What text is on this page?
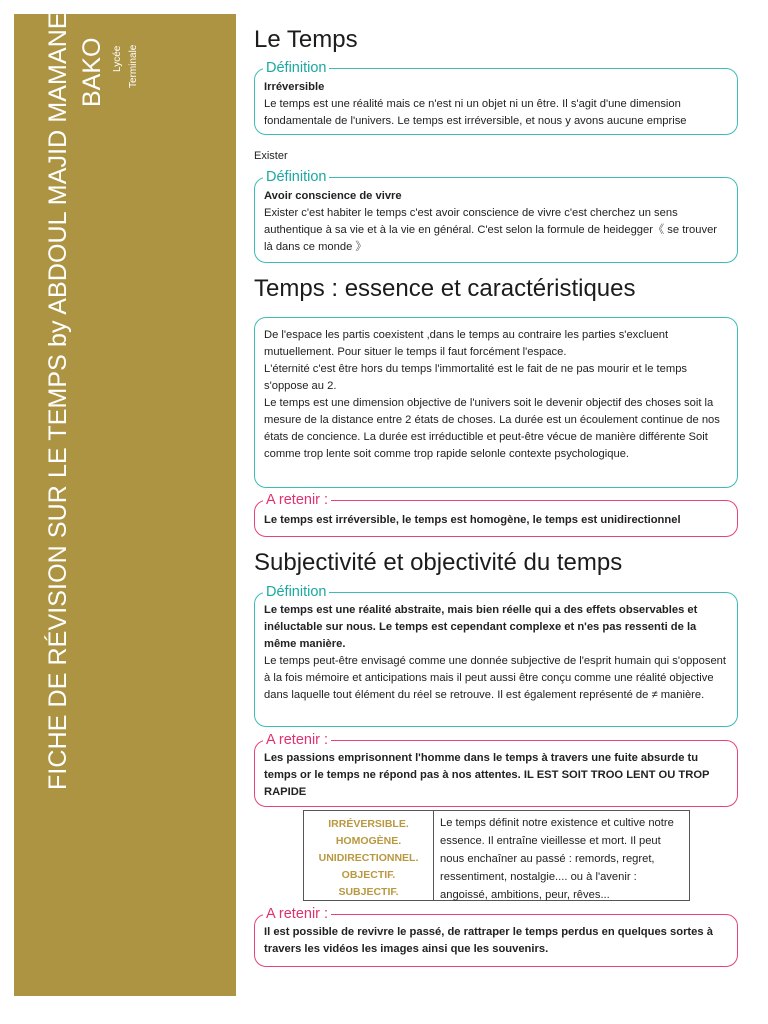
FICHE DE RÉVISION SUR LE TEMPS by ABDOUL MAJID MAMANE BAKO Lycée Terminale
Le Temps
Définition

Irréversible

Le temps est une réalité mais ce n'est ni un objet ni un être. Il s'agit d'une dimension fondamentale de l'univers. Le temps est irréversible, et nous y avons aucune emprise

Exister
Définition

Avoir conscience de vivre

Exister c'est habiter le temps c'est avoir conscience de vivre c'est cherchez un sens authentique à sa vie et à la vie en général. C'est selon la formule de heidegger《 se trouver là dans ce monde 》

Temps : essence et caractéristiques

De l'espace les partis coexistent ,dans le temps au contraire les parties s'excluent mutuellement. Pour situer le temps il faut forcément l'espace.

L'éternité c'est être hors du temps l'immortalité est le fait de ne pas mourir et le temps s'oppose au 2.

Le temps est une dimension objective de l'univers soit le devenir objectif des choses soit la mesure de la distance entre 2 états de choses. La durée est un écoulement continue de nos états de concience. La durée est irréductible et peut-être vécue de manière différente Soit comme trop lente soit comme trop rapide selonle contexte psychologique.

A retenir :

Le temps est irréversible, le temps est homogène, le temps est unidirectionnel

Subjectivité et objectivité du temps
Définition

Le temps est une réalité abstraite, mais bien réelle qui a des effets observables et inéluctable sur nous. Le temps est cependant complexe et n'es pas ressenti de la même manière.

Le temps peut-être envisagé comme une donnée subjective de l'esprit humain qui s'opposent à la fois mémoire et anticipations mais il peut aussi être conçu comme une réalité objective dans laquelle tout élément du réel se retrouve. Il est également représenté de ≠ manière.

A retenir :

Les passions emprisonnent l'homme dans le temps à travers une fuite absurde tu temps or le temps ne répond pas à nos attentes. IL EST SOIT TROO LENT OU TROP RAPIDE

IRRÉVERSIBLE.
HOMOGÈNE.
UNIDIRECTIONNEL.
OBJECTIF.
SUBJECTIF.
Le temps définit notre existence et cultive notre essence. Il entraîne vieillesse et mort. Il peut nous enchaîner au passé : remords, regret, ressentiment, nostalgie.... ou à l'avenir : angoissé, ambitions, peur, rêves...
A retenir :

Il est possible de revivre le passé, de rattraper le temps perdus en quelques sortes à travers les vidéos les images ainsi que les souvenirs.
